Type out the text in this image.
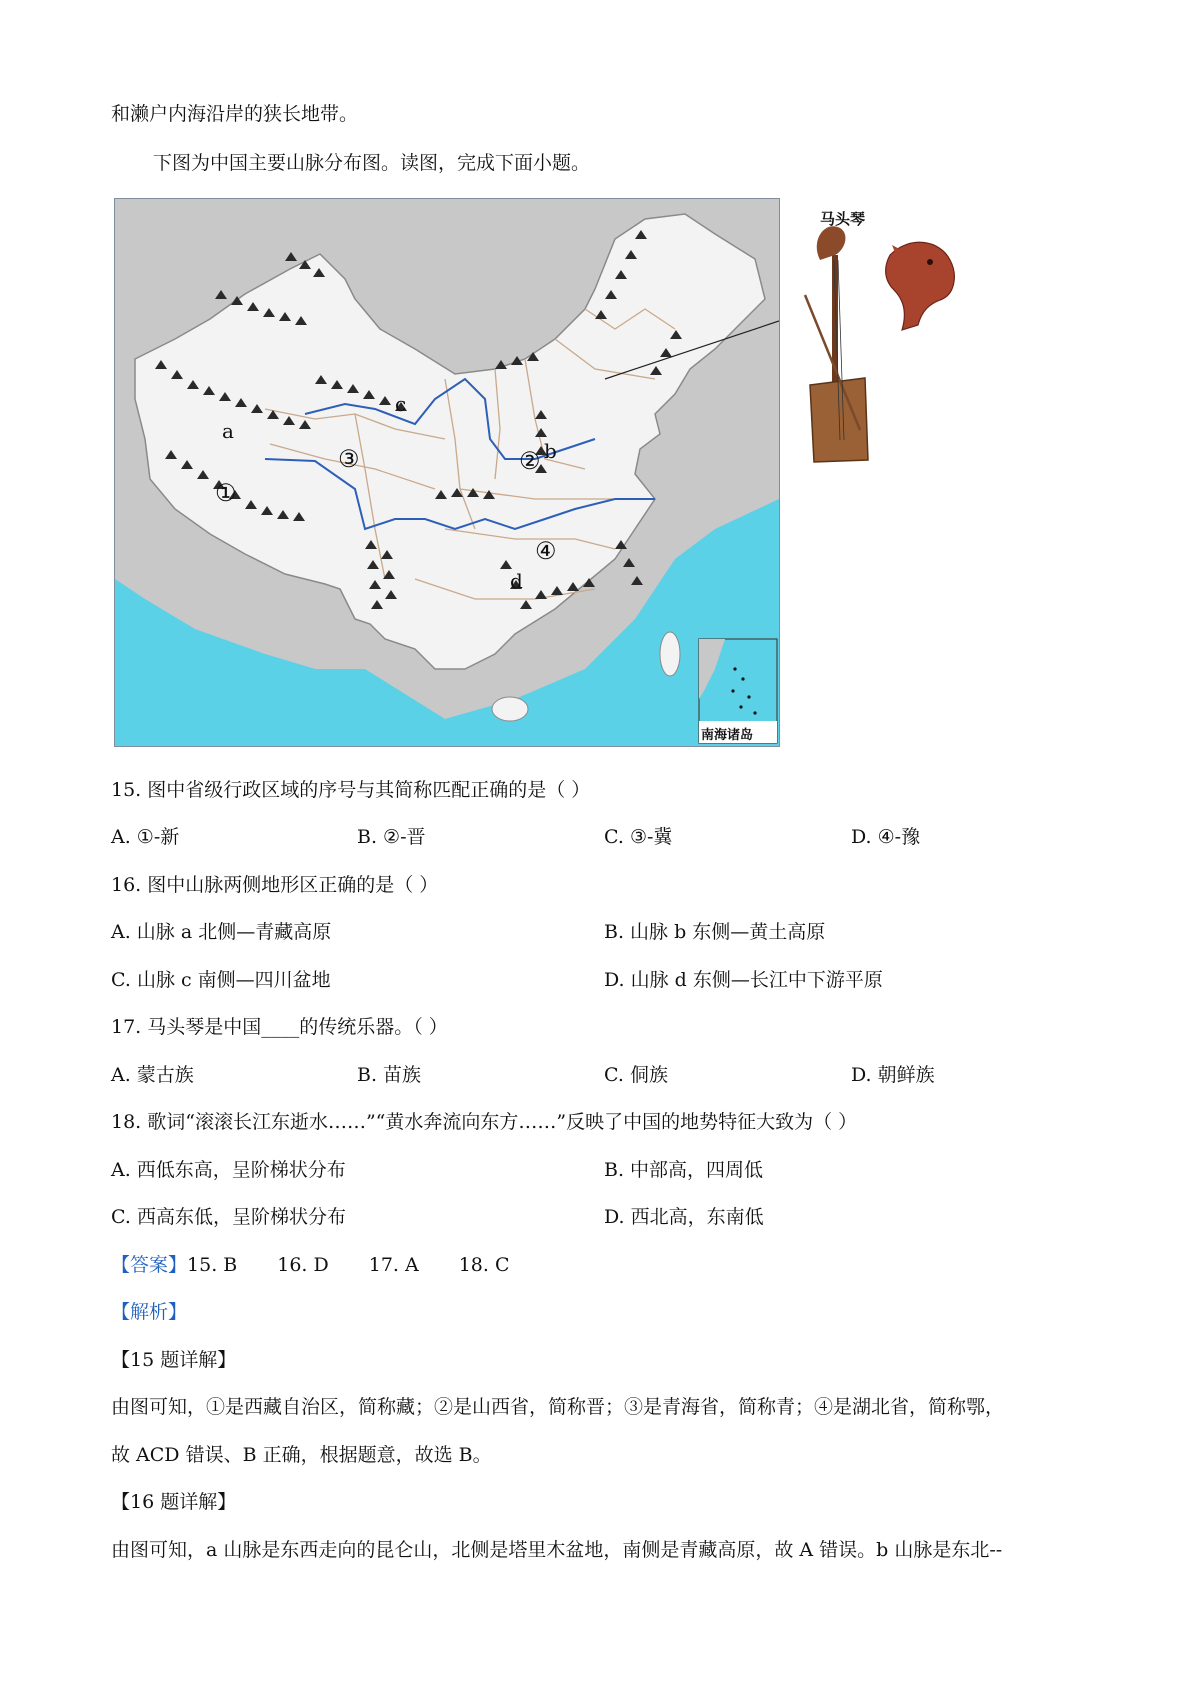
和濑户内海沿岸的狭长地带。
下图为中国主要山脉分布图。读图，完成下面小题。
a
b
c
d
①
②
③
④
南海诸岛
马头琴
15. 图中省级行政区域的序号与其简称匹配正确的是（ ）
A. ①-新	B. ②-晋	C. ③-冀	D. ④-豫
16. 图中山脉两侧地形区正确的是（ ）
A. 山脉 a 北侧—青藏高原	B. 山脉 b 东侧—黄土高原
C. 山脉 c 南侧—四川盆地	D. 山脉 d 东侧—长江中下游平原
17. 马头琴是中国____的传统乐器。（ ）
A. 蒙古族	B. 苗族	C. 侗族	D. 朝鲜族
18. 歌词“滚滚长江东逝水……”“黄水奔流向东方……”反映了中国的地势特征大致为（ ）
A. 西低东高，呈阶梯状分布	B. 中部高，四周低
C. 西高东低，呈阶梯状分布	D. 西北高，东南低
【答案】15. B 16. D 17. A 18. C
【解析】
【15 题详解】
由图可知，①是西藏自治区，简称藏；②是山西省，简称晋；③是青海省，简称青；④是湖北省，简称鄂，
故 ACD 错误、B 正确，根据题意，故选 B。
【16 题详解】
由图可知，a 山脉是东西走向的昆仑山，北侧是塔里木盆地，南侧是青藏高原，故 A 错误。b 山脉是东北--
